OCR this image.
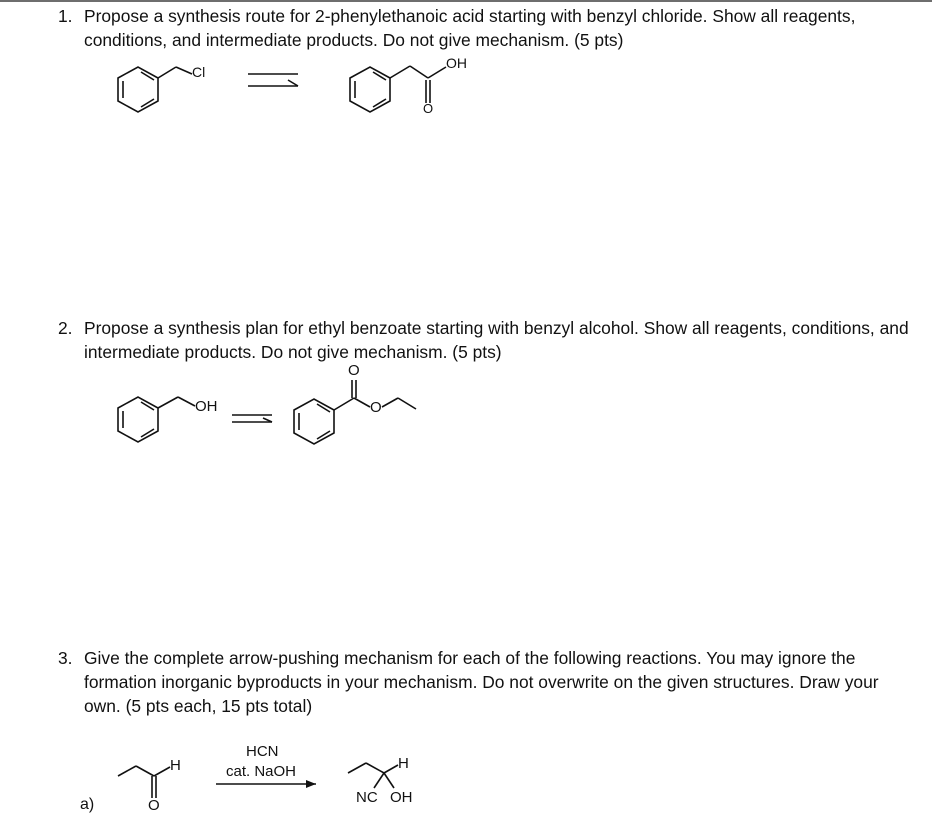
1. Propose a synthesis route for 2-phenylethanoic acid starting with benzyl chloride. Show all reagents, conditions, and intermediate products. Do not give mechanism. (5 pts)
Cl
OH
O
2. Propose a synthesis plan for ethyl benzoate starting with benzyl alcohol. Show all reagents, conditions, and intermediate products. Do not give mechanism. (5 pts)
OH
O
O
3. Give the complete arrow-pushing mechanism for each of the following reactions. You may ignore the formation inorganic byproducts in your mechanism. Do not overwrite on the given structures. Draw your own. (5 pts each, 15 pts total)
H
O
HCN
cat. NaOH	H
NC OH
a)
